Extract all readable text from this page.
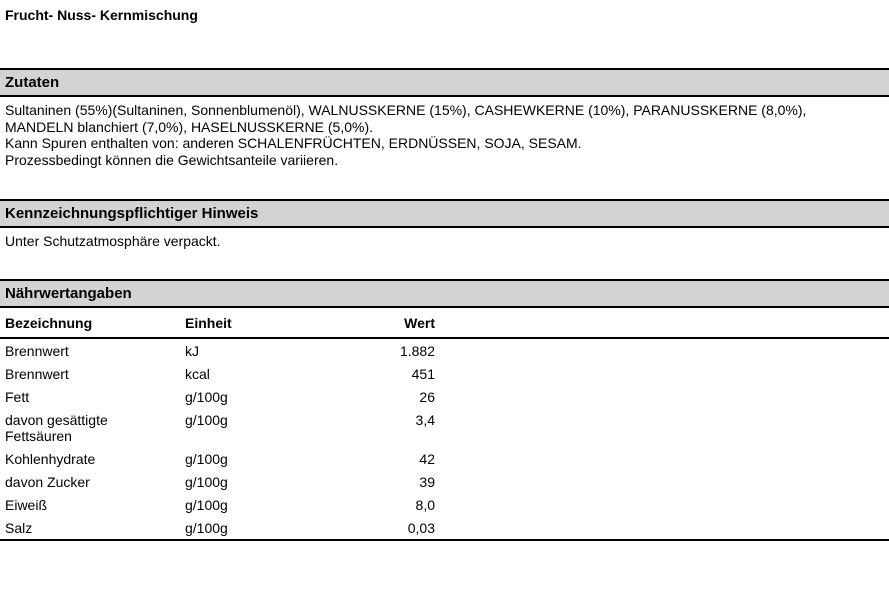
Frucht- Nuss- Kernmischung
Zutaten

Sultaninen (55%)(Sultaninen, Sonnenblumenöl), WALNUSSKERNE (15%), CASHEWKERNE (10%), PARANUSSKERNE (8,0%),

MANDELN blanchiert (7,0%), HASELNUSSKERNE (5,0%).

Kann Spuren enthalten von: anderen SCHALENFRÜCHTEN, ERDNÜSSEN, SOJA, SESAM.

Prozessbedingt können die Gewichtsanteile variieren.

Kennzeichnungspflichtiger Hinweis

Unter Schutzatmosphäre verpackt.

Nährwertangaben
Bezeichnung	Einheit	Wert	
Brennwert	kJ	1.882	
Brennwert	kcal	451	
Fett	g/100g	26	
davon gesättigte Fettsäuren	g/100g	3,4	
Kohlenhydrate	g/100g	42	
davon Zucker	g/100g	39	
Eiweiß	g/100g	8,0	
Salz	g/100g	0,03	
